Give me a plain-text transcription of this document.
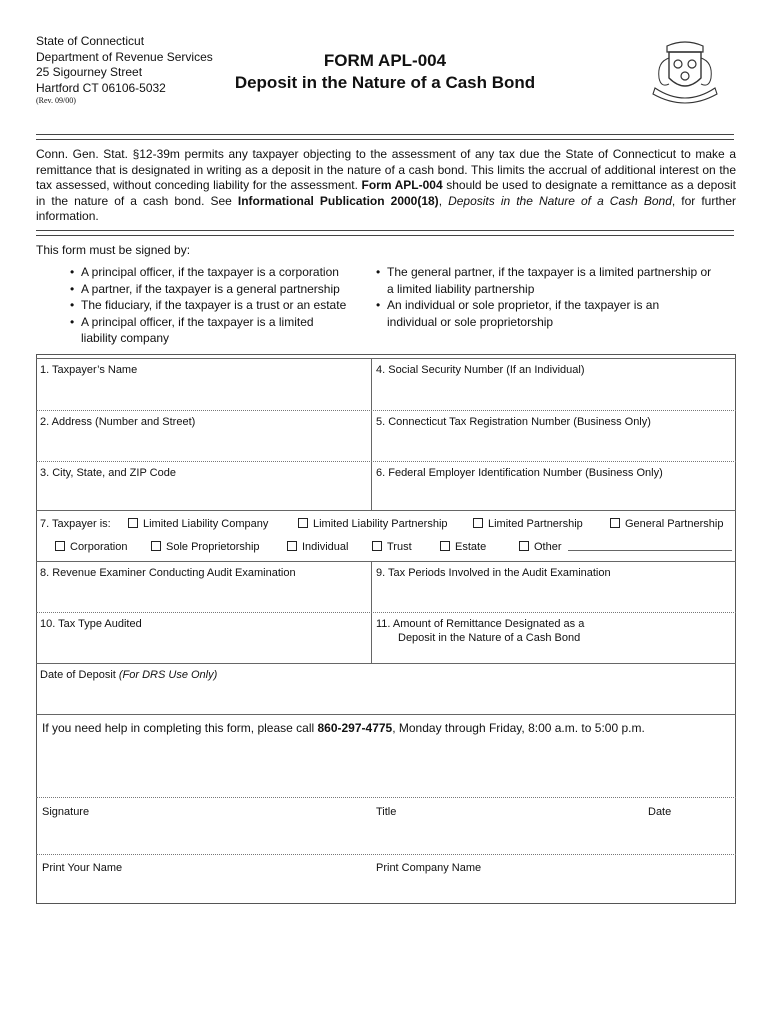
State of Connecticut
Department of Revenue Services
25 Sigourney Street
Hartford CT 06106-5032
(Rev. 09/00)
FORM APL-004
Deposit in the Nature of a Cash Bond
Conn. Gen. Stat. §12-39m permits any taxpayer objecting to the assessment of any tax due the State of Connecticut to make a remittance that is designated in writing as a deposit in the nature of a cash bond. This limits the accrual of additional interest on the tax assessed, without conceding liability for the assessment. Form APL-004 should be used to designate a remittance as a deposit in the nature of a cash bond. See Informational Publication 2000(18), Deposits in the Nature of a Cash Bond, for further information.
This form must be signed by:
• A principal officer, if the taxpayer is a corporation
• A partner, if the taxpayer is a general partnership
• The fiduciary, if the taxpayer is a trust or an estate
• A principal officer, if the taxpayer is a limited liability company
• The general partner, if the taxpayer is a limited partnership or a limited liability partnership
• An individual or sole proprietor, if the taxpayer is an individual or sole proprietorship
1. Taxpayer’s Name	4. Social Security Number (If an Individual)
2. Address (Number and Street)	5. Connecticut Tax Registration Number (Business Only)
3. City, State, and ZIP Code	6. Federal Employer Identification Number (Business Only)
7. Taxpayer is:	Limited Liability Company	Limited Liability Partnership	Limited Partnership	General Partnership
Corporation	Sole Proprietorship	Individual	Trust	Estate	Other
8. Revenue Examiner Conducting Audit Examination	9. Tax Periods Involved in the Audit Examination
10. Tax Type Audited	11. Amount of Remittance Designated as a
Deposit in the Nature of a Cash Bond
Date of Deposit (For DRS Use Only)
If you need help in completing this form, please call 860-297-4775, Monday through Friday, 8:00 a.m. to 5:00 p.m.
Signature	Title	Date
Print Your Name	Print Company Name
